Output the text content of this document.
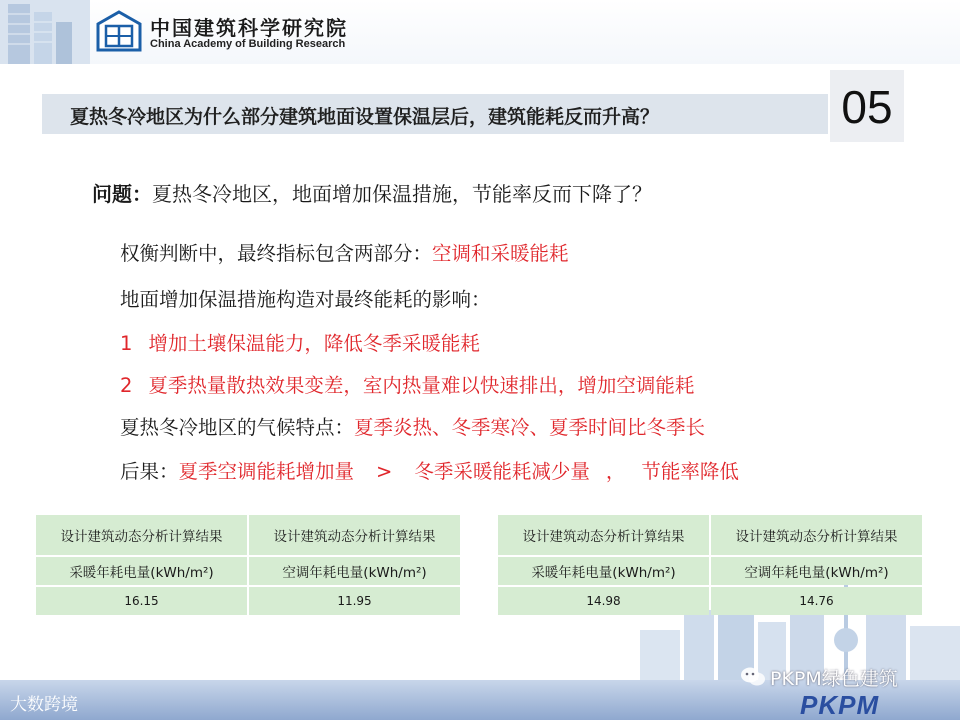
中国建筑科学研究院
China Academy of Building Research
夏热冬冷地区为什么部分建筑地面设置保温层后，建筑能耗反而升高？	05
问题：夏热冬冷地区，地面增加保温措施，节能率反而下降了？
权衡判断中，最终指标包含两部分：空调和采暖能耗
地面增加保温措施构造对最终能耗的影响：
1 增加土壤保温能力，降低冬季采暖能耗
2 夏季热量散热效果变差，室内热量难以快速排出，增加空调能耗
夏热冬冷地区的气候特点：夏季炎热、冬季寒冷、夏季时间比冬季长
后果：夏季空调能耗增加量 > 冬季采暖能耗减少量 ， 节能率降低
设计建筑动态分析计算结果	设计建筑动态分析计算结果
采暖年耗电量(kWh/m²)	空调年耗电量(kWh/m²)
16.15	11.95
设计建筑动态分析计算结果	设计建筑动态分析计算结果
采暖年耗电量(kWh/m²)	空调年耗电量(kWh/m²)
14.98	14.76
大数跨境
PKPM绿色建筑
PKPM
